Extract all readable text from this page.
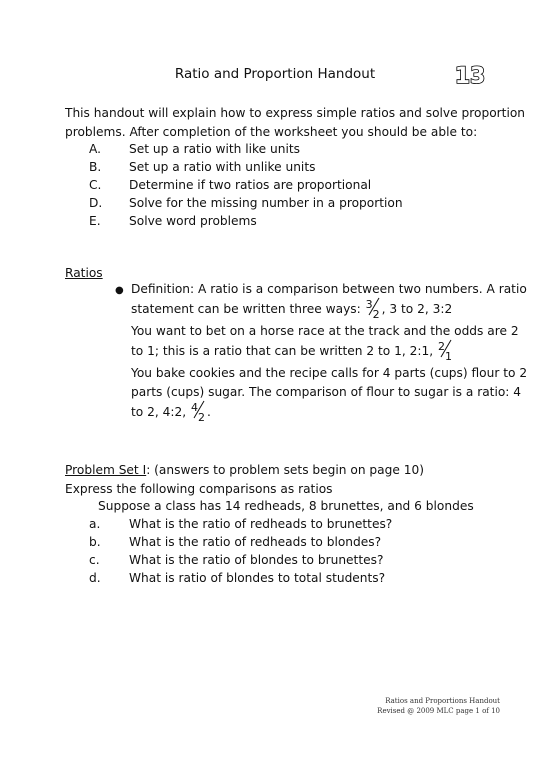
Ratio and Proportion Handout	13
This handout will explain how to express simple ratios and solve proportion
problems. After completion of the worksheet you should be able to:
A. Set up a ratio with like units
B. Set up a ratio with unlike units
C. Determine if two ratios are proportional
D. Solve for the missing number in a proportion
E. Solve word problems
Ratios
● Definition: A ratio is a comparison between two numbers. A ratio
statement can be written three ways: 3
2 , 3 to 2, 3:2
You want to bet on a horse race at the track and the odds are 2
to 1; this is a ratio that can be written 2 to 1, 2:1, 2
1
You bake cookies and the recipe calls for 4 parts (cups) flour to 2
parts (cups) sugar. The comparison of flour to sugar is a ratio: 4
to 2, 4:2, 4
2 .
Problem Set I: (answers to problem sets begin on page 10)
Express the following comparisons as ratios
Suppose a class has 14 redheads, 8 brunettes, and 6 blondes
a. What is the ratio of redheads to brunettes?
b. What is the ratio of redheads to blondes?
c. What is the ratio of blondes to brunettes?
d. What is ratio of blondes to total students?
Ratios and Proportions Handout
Revised @ 2009 MLC page 1 of 10
